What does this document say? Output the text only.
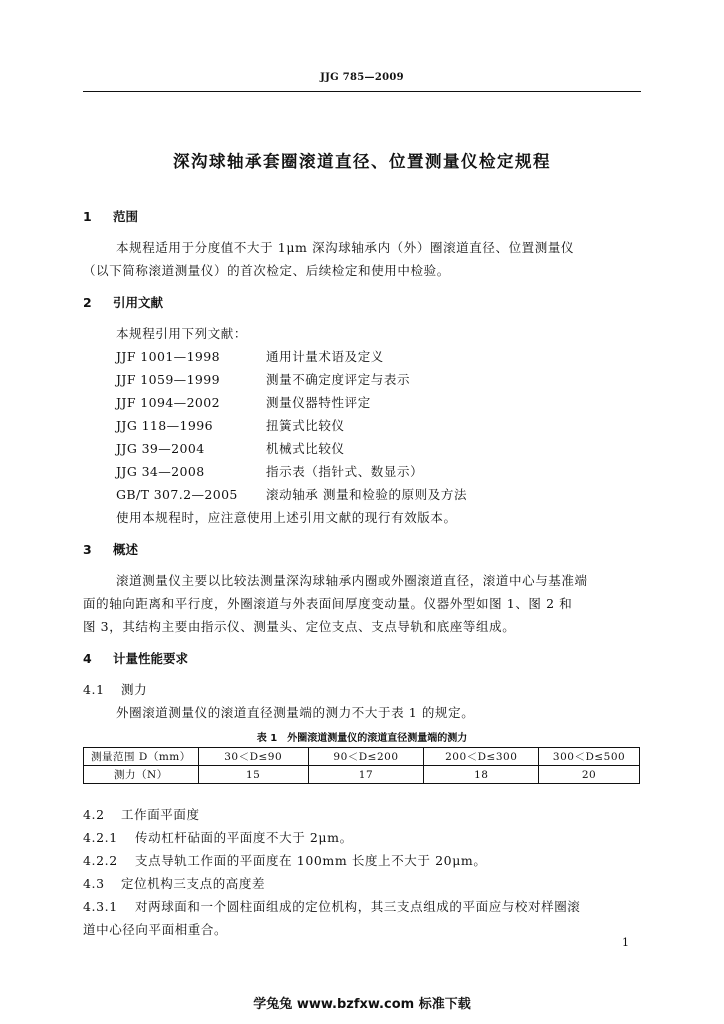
JJG 785—2009
深沟球轴承套圈滚道直径、位置测量仪检定规程
1 范围
本规程适用于分度值不大于 1μm 深沟球轴承内（外）圈滚道直径、位置测量仪
（以下简称滚道测量仪）的首次检定、后续检定和使用中检验。
2 引用文献
本规程引用下列文献：
JJF 1001—1998	通用计量术语及定义
JJF 1059—1999	测量不确定度评定与表示
JJF 1094—2002	测量仪器特性评定
JJG 118—1996	扭簧式比较仪
JJG 39—2004	机械式比较仪
JJG 34—2008	指示表（指针式、数显示）
GB/T 307.2—2005 滚动轴承 测量和检验的原则及方法
使用本规程时，应注意使用上述引用文献的现行有效版本。
3 概述
滚道测量仪主要以比较法测量深沟球轴承内圈或外圈滚道直径，滚道中心与基准端
面的轴向距离和平行度，外圈滚道与外表面间厚度变动量。仪器外型如图 1、图 2 和
图 3，其结构主要由指示仪、测量头、定位支点、支点导轨和底座等组成。
4 计量性能要求
4.1 测力
外圈滚道测量仪的滚道直径测量端的测力不大于表 1 的规定。
表 1　外圈滚道测量仪的滚道直径测量端的测力
测量范围 D（mm）	30＜D≤90	90＜D≤200	200＜D≤300	300＜D≤500
测力（N）	15	17	18	20
4.2 工作面平面度
4.2.1 传动杠杆砧面的平面度不大于 2μm。
4.2.2 支点导轨工作面的平面度在 100mm 长度上不大于 20μm。
4.3 定位机构三支点的高度差
4.3.1 对两球面和一个圆柱面组成的定位机构，其三支点组成的平面应与校对样圈滚
道中心径向平面相重合。
1
学兔兔 www.bzfxw.com 标准下载
